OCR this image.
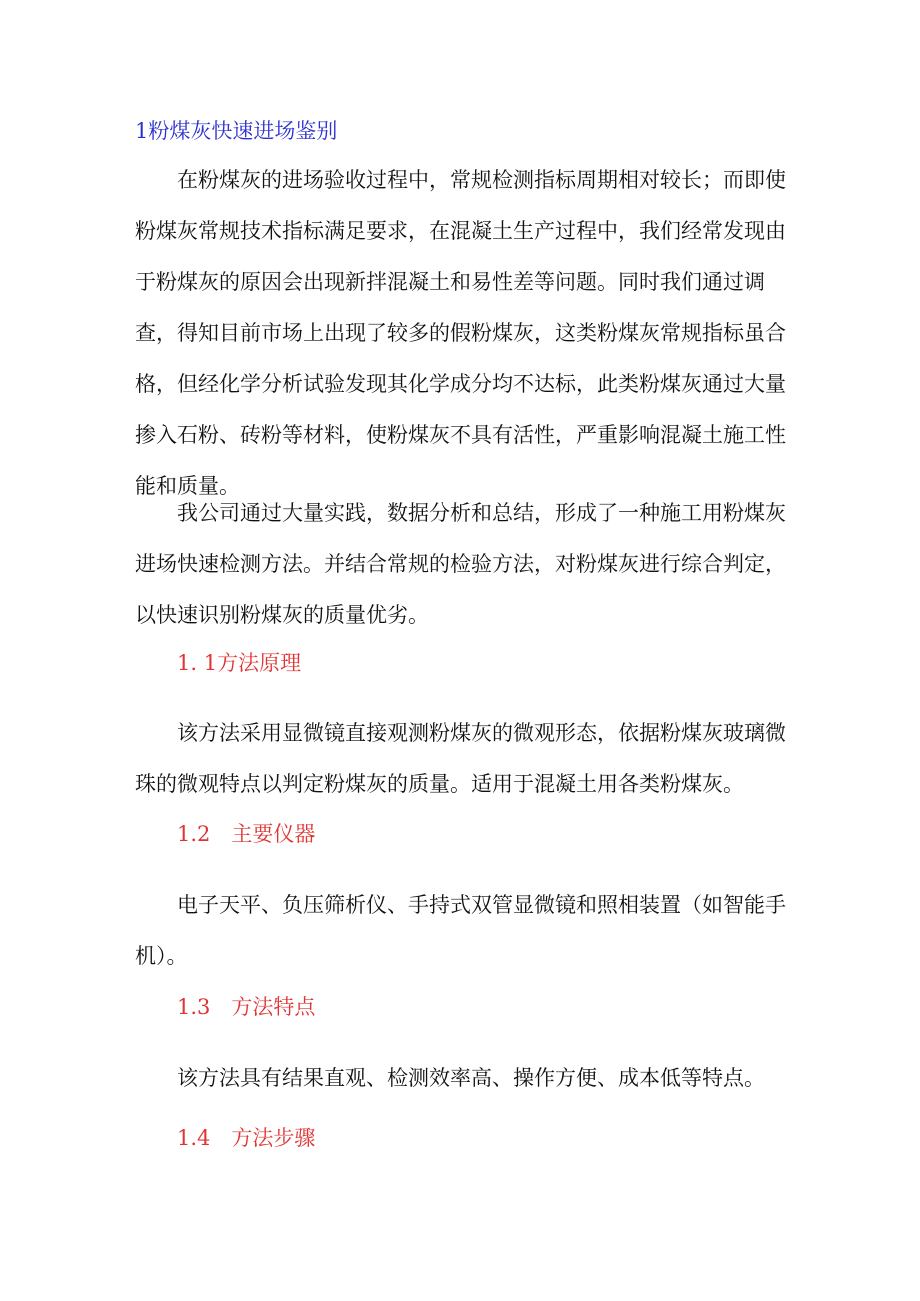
1粉煤灰快速进场鉴别

在粉煤灰的进场验收过程中，常规检测指标周期相对较长；而即使粉煤灰常规技术指标满足要求，在混凝土生产过程中，我们经常发现由于粉煤灰的原因会出现新拌混凝土和易性差等问题。同时我们通过调查，得知目前市场上出现了较多的假粉煤灰，这类粉煤灰常规指标虽合格，但经化学分析试验发现其化学成分均不达标，此类粉煤灰通过大量掺入石粉、砖粉等材料，使粉煤灰不具有活性，严重影响混凝土施工性能和质量。

我公司通过大量实践，数据分析和总结，形成了一种施工用粉煤灰进场快速检测方法。并结合常规的检验方法，对粉煤灰进行综合判定，以快速识别粉煤灰的质量优劣。

1. 1方法原理

该方法采用显微镜直接观测粉煤灰的微观形态，依据粉煤灰玻璃微珠的微观特点以判定粉煤灰的质量。适用于混凝土用各类粉煤灰。

1.2　主要仪器

电子天平、负压筛析仪、手持式双管显微镜和照相装置（如智能手机）。

1.3　方法特点

该方法具有结果直观、检测效率高、操作方便、成本低等特点。

1.4　方法步骤
